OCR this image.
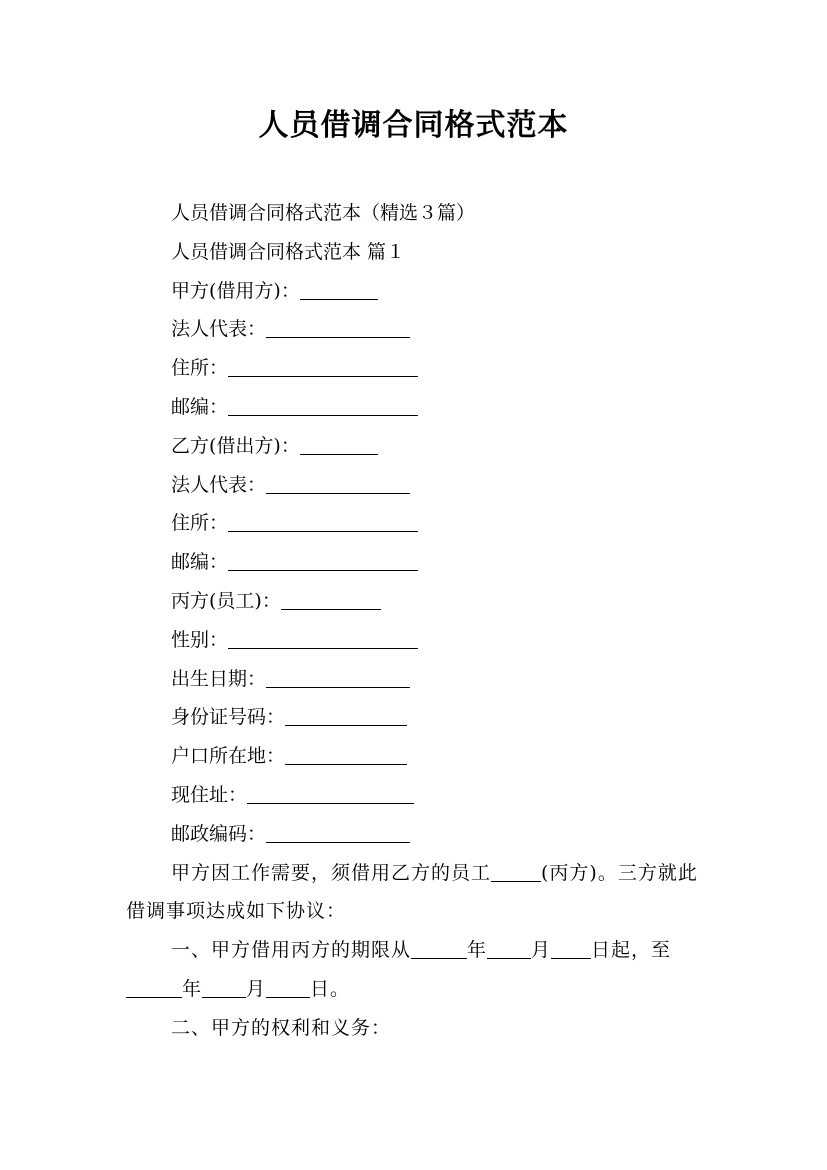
人员借调合同格式范本
人员借调合同格式范本（精选３篇）
人员借调合同格式范本 篇１
甲方(借用方)：
法人代表：
住所：
邮编：
乙方(借出方)：
法人代表：
住所：
邮编：
丙方(员工)：
性别：
出生日期：
身份证号码：
户口所在地：
现住址：
邮政编码：
甲方因工作需要，须借用乙方的员工	(丙方)。三方就此借调事项达成如下协议：
一、甲方借用丙方的期限从	年 月 日起，至年 月 日。
二、甲方的权利和义务：
